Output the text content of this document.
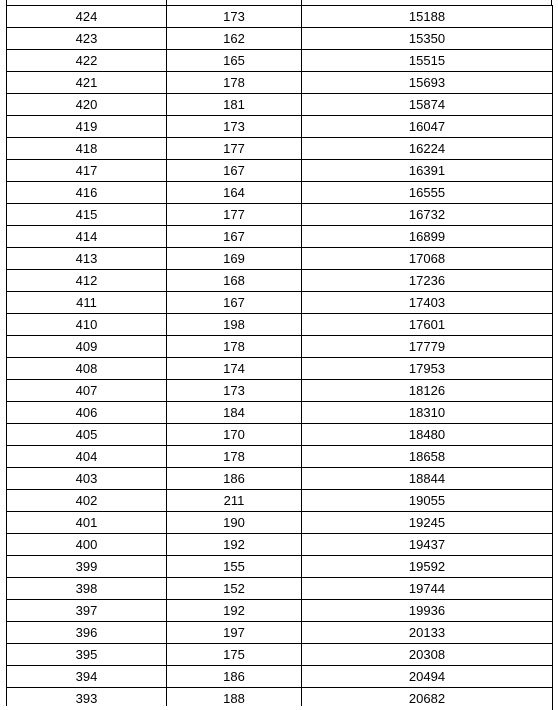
424	173	15188
423	162	15350
422	165	15515
421	178	15693
420	181	15874
419	173	16047
418	177	16224
417	167	16391
416	164	16555
415	177	16732
414	167	16899
413	169	17068
412	168	17236
411	167	17403
410	198	17601
409	178	17779
408	174	17953
407	173	18126
406	184	18310
405	170	18480
404	178	18658
403	186	18844
402	211	19055
401	190	19245
400	192	19437
399	155	19592
398	152	19744
397	192	19936
396	197	20133
395	175	20308
394	186	20494
393	188	20682
